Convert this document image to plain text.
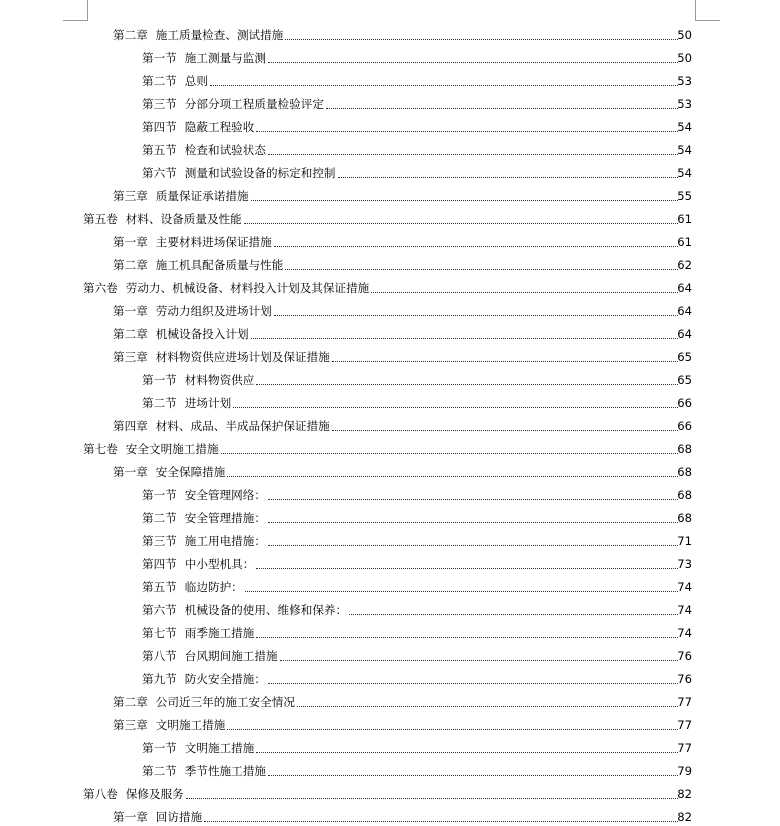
第二章 施工质量检查、测试措施	50
第一节 施工测量与监测	50
第二节 总则	53
第三节 分部分项工程质量检验评定	53
第四节 隐蔽工程验收	54
第五节 检查和试验状态	54
第六节 测量和试验设备的标定和控制	54
第三章 质量保证承诺措施	55
第五卷 材料、设备质量及性能	61
第一章 主要材料进场保证措施	61
第二章 施工机具配备质量与性能	62
第六卷 劳动力、机械设备、材料投入计划及其保证措施	64
第一章 劳动力组织及进场计划	64
第二章 机械设备投入计划	64
第三章 材料物资供应进场计划及保证措施	65
第一节 材料物资供应	65
第二节 进场计划	66
第四章 材料、成品、半成品保护保证措施	66
第七卷 安全文明施工措施	68
第一章 安全保障措施	68
第一节 安全管理网络：	68
第二节 安全管理措施：	68
第三节 施工用电措施：	71
第四节 中小型机具：	73
第五节 临边防护：	74
第六节 机械设备的使用、维修和保养：	74
第七节 雨季施工措施	74
第八节 台风期间施工措施	76
第九节 防火安全措施：	76
第二章 公司近三年的施工安全情况	77
第三章 文明施工措施	77
第一节 文明施工措施	77
第二节 季节性施工措施	79
第八卷 保修及服务	82
第一章 回访措施	82
